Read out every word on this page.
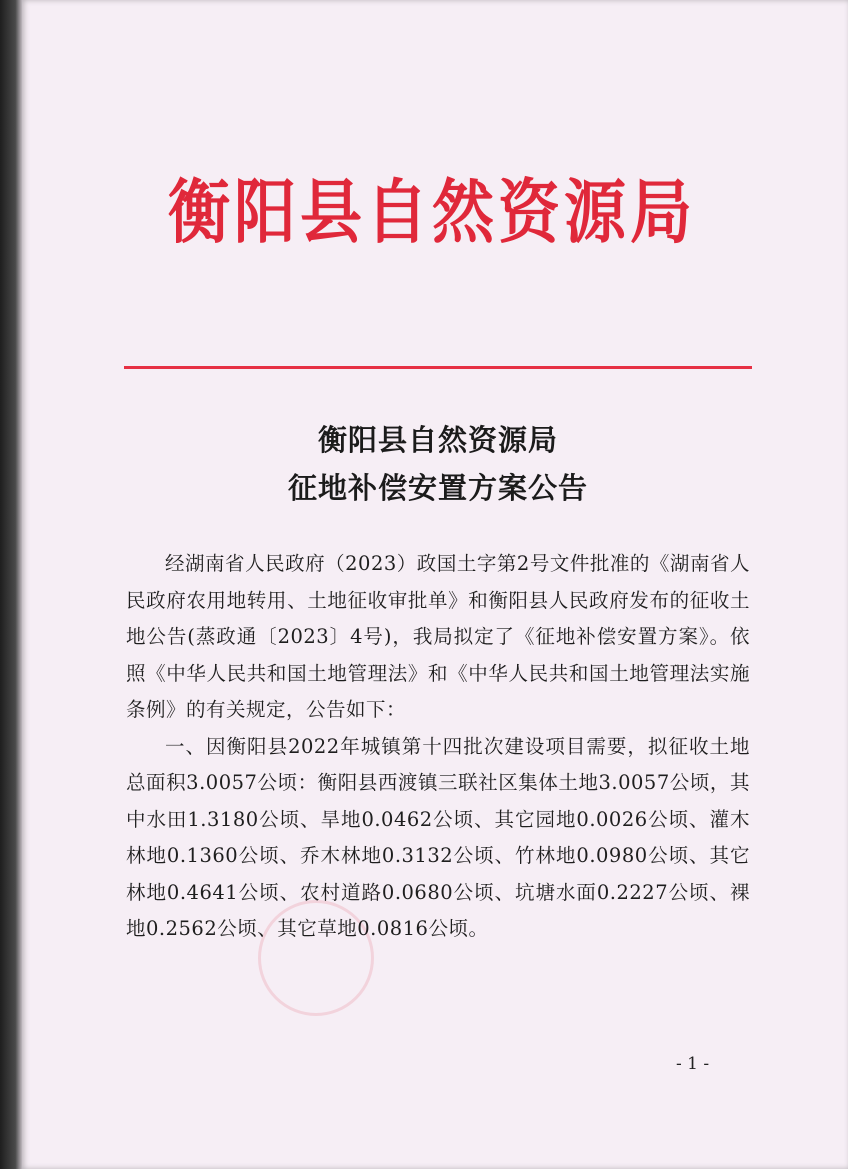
衡阳县自然资源局
衡阳县自然资源局
征地补偿安置方案公告

经湖南省人民政府（2023）政国土字第2号文件批准的《湖南省人民政府农用地转用、土地征收审批单》和衡阳县人民政府发布的征收土地公告(蒸政通〔2023〕4号)，我局拟定了《征地补偿安置方案》。依照《中华人民共和国土地管理法》和《中华人民共和国土地管理法实施条例》的有关规定，公告如下：

一、因衡阳县2022年城镇第十四批次建设项目需要，拟征收土地总面积3.0057公顷：衡阳县西渡镇三联社区集体土地3.0057公顷，其中水田1.3180公顷、旱地0.0462公顷、其它园地0.0026公顷、灌木林地0.1360公顷、乔木林地0.3132公顷、竹林地0.0980公顷、其它林地0.4641公顷、农村道路0.0680公顷、坑塘水面0.2227公顷、裸地0.2562公顷、其它草地0.0816公顷。

- 1 -
